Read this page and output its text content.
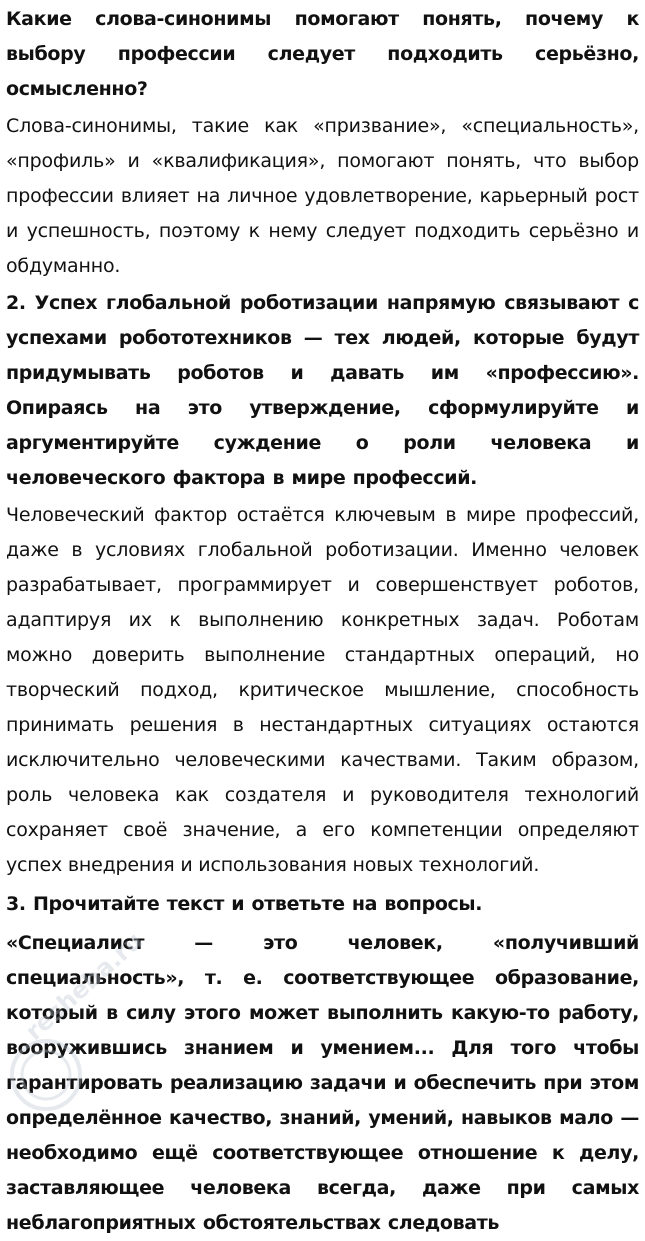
Какие слова-синонимы помогают понять, почему к выбору профессии следует подходить серьёзно, осмысленно?

Слова-синонимы, такие как «призвание», «специальность», «профиль» и «квалификация», помогают понять, что выбор профессии влияет на личное удовлетворение, карьерный рост и успешность, поэтому к нему следует подходить серьёзно и обдуманно.

2. Успех глобальной роботизации напрямую связывают с успехами робототехников — тех людей, которые будут придумывать роботов и давать им «профессию». Опираясь на это утверждение, сформулируйте и аргументируйте суждение о роли человека и человеческого фактора в мире профессий.

Человеческий фактор остаётся ключевым в мире профессий, даже в условиях глобальной роботизации. Именно человек разрабатывает, программирует и совершенствует роботов, адаптируя их к выполнению конкретных задач. Роботам можно доверить выполнение стандартных операций, но творческий подход, критическое мышление, способность принимать решения в нестандартных ситуациях остаются исключительно человеческими качествами. Таким образом, роль человека как создателя и руководителя технологий сохраняет своё значение, а его компетенции определяют успех внедрения и использования новых технологий.

3. Прочитайте текст и ответьте на вопросы.

«Специалист — это человек, «получивший специальность», т. е. соответствующее образование, который в силу этого может выполнить какую-то работу, вооружившись знанием и умением... Для того чтобы гарантировать реализацию задачи и обеспечить при этом определённое качество, знаний, умений, навыков мало — необходимо ещё соответствующее отношение к делу, заставляющее человека всегда, даже при самых неблагоприятных обстоятельствах следовать

resheba.ru
